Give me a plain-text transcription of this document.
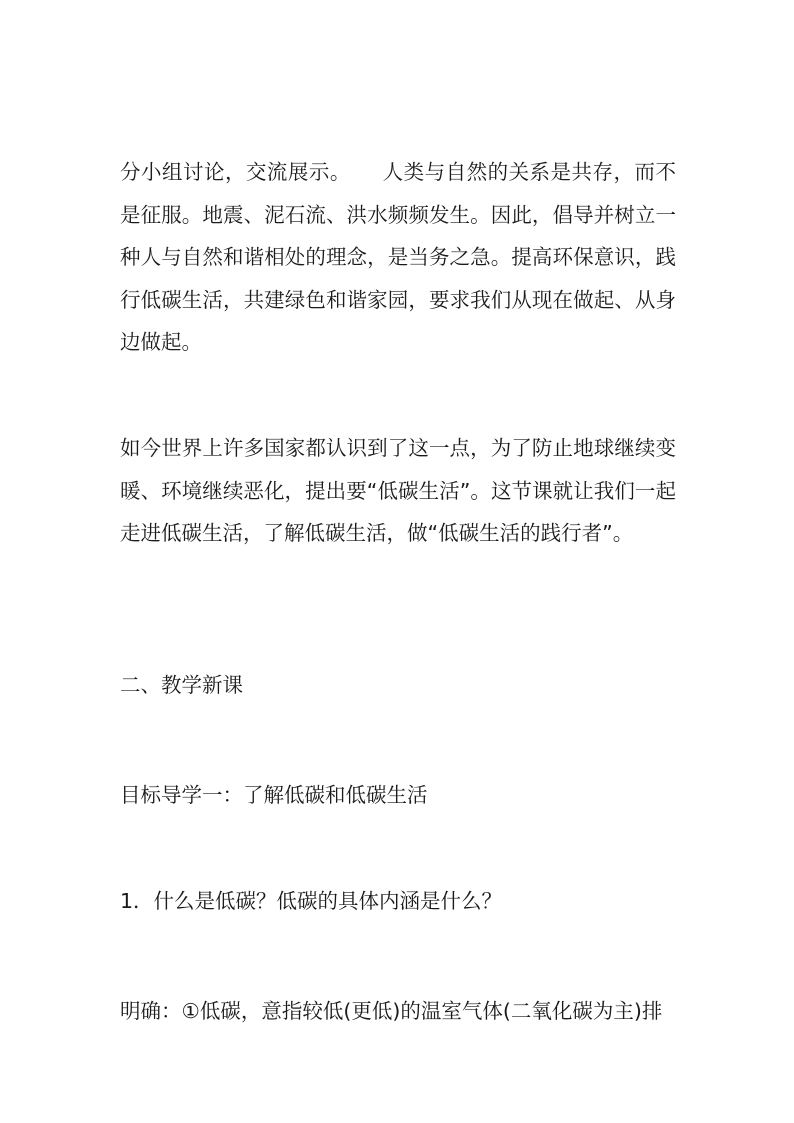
分小组讨论，交流展示。　　人类与自然的关系是共存，而不是征服。地震、泥石流、洪水频频发生。因此，倡导并树立一种人与自然和谐相处的理念，是当务之急。提高环保意识，践行低碳生活，共建绿色和谐家园，要求我们从现在做起、从身边做起。

如今世界上许多国家都认识到了这一点，为了防止地球继续变暖、环境继续恶化，提出要“低碳生活”。这节课就让我们一起走进低碳生活，了解低碳生活，做“低碳生活的践行者”。

二、教学新课

目标导学一：了解低碳和低碳生活

1．什么是低碳？低碳的具体内涵是什么？

明确：①低碳，意指较低(更低)的温室气体(二氧化碳为主)排
